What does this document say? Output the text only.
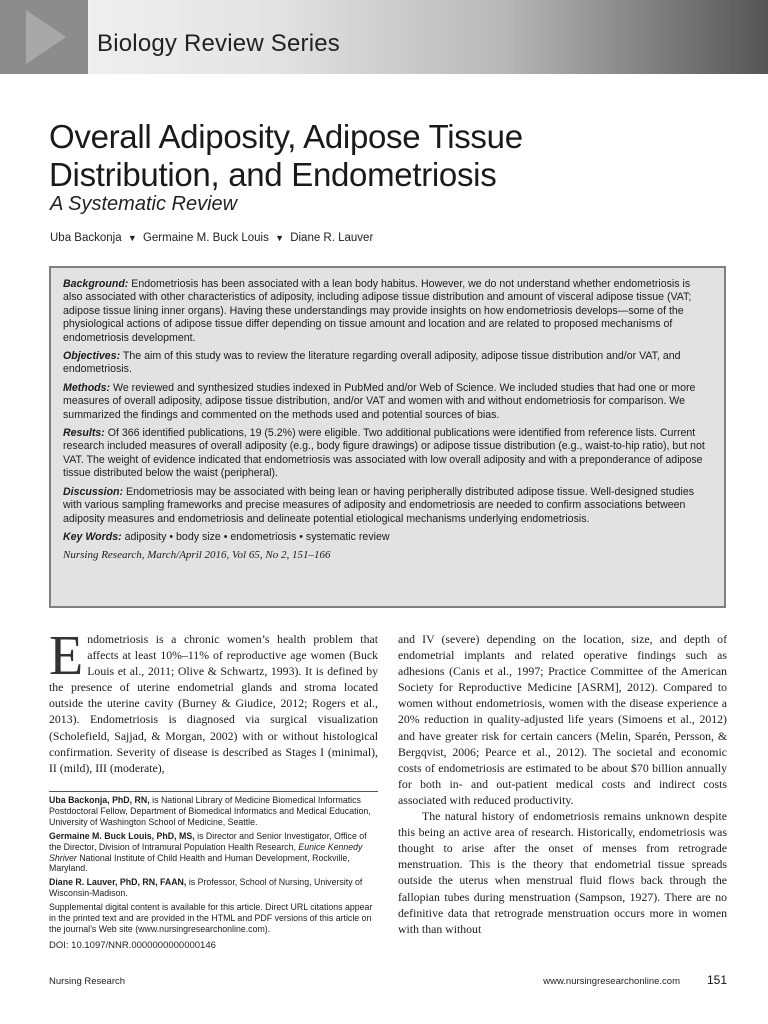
Biology Review Series
Overall Adiposity, Adipose Tissue
Distribution, and Endometriosis
A Systematic Review
Uba Backonja ▼ Germaine M. Buck Louis ▼ Diane R. Lauver

Background: Endometriosis has been associated with a lean body habitus. However, we do not understand whether endometriosis is also associated with other characteristics of adiposity, including adipose tissue distribution and amount of visceral adipose tissue (VAT; adipose tissue lining inner organs). Having these understandings may provide insights on how endometriosis develops—some of the physiological actions of adipose tissue differ depending on tissue amount and location and are related to proposed mechanisms of endometriosis development.

Objectives: The aim of this study was to review the literature regarding overall adiposity, adipose tissue distribution and/or VAT, and endometriosis.

Methods: We reviewed and synthesized studies indexed in PubMed and/or Web of Science. We included studies that had one or more measures of overall adiposity, adipose tissue distribution, and/or VAT and women with and without endometriosis for comparison. We summarized the findings and commented on the methods used and potential sources of bias.

Results: Of 366 identified publications, 19 (5.2%) were eligible. Two additional publications were identified from reference lists. Current research included measures of overall adiposity (e.g., body figure drawings) or adipose tissue distribution (e.g., waist-to-hip ratio), but not VAT. The weight of evidence indicated that endometriosis was associated with low overall adiposity and with a preponderance of adipose tissue distributed below the waist (peripheral).

Discussion: Endometriosis may be associated with being lean or having peripherally distributed adipose tissue. Well-designed studies with various sampling frameworks and precise measures of adiposity and endometriosis are needed to confirm associations between adiposity measures and endometriosis and delineate potential etiological mechanisms underlying endometriosis.

Key Words: adiposity • body size • endometriosis • systematic review

Nursing Research, March/April 2016, Vol 65, No 2, 151–166

Endometriosis is a chronic women’s health problem that affects at least 10%–11% of reproductive age women (Buck Louis et al., 2011; Olive & Schwartz, 1993). It is defined by the presence of uterine endometrial glands and stroma located outside the uterine cavity (Burney & Giudice, 2012; Rogers et al., 2013). Endometriosis is diagnosed via surgical visualization (Scholefield, Sajjad, & Morgan, 2002) with or without histological confirmation. Severity of disease is described as Stages I (minimal), II (mild), III (moderate),

Uba Backonja, PhD, RN, is National Library of Medicine Biomedical Informatics Postdoctoral Fellow, Department of Biomedical Informatics and Medical Education, University of Washington School of Medicine, Seattle.

Germaine M. Buck Louis, PhD, MS, is Director and Senior Investigator, Office of the Director, Division of Intramural Population Health Research, Eunice Kennedy Shriver National Institute of Child Health and Human Development, Rockville, Maryland.

Diane R. Lauver, PhD, RN, FAAN, is Professor, School of Nursing, University of Wisconsin-Madison.

Supplemental digital content is available for this article. Direct URL citations appear in the printed text and are provided in the HTML and PDF versions of this article on the journal’s Web site (www.nursingresearchonline.com).

DOI: 10.1097/NNR.0000000000000146

and IV (severe) depending on the location, size, and depth of endometrial implants and related operative findings such as adhesions (Canis et al., 1997; Practice Committee of the American Society for Reproductive Medicine [ASRM], 2012). Compared to women without endometriosis, women with the disease experience a 20% reduction in quality-adjusted life years (Simoens et al., 2012) and have greater risk for certain cancers (Melin, Sparén, Persson, & Bergqvist, 2006; Pearce et al., 2012). The societal and economic costs of endometriosis are estimated to be about $70 billion annually for both in- and out-patient medical costs and indirect costs associated with reduced productivity.

The natural history of endometriosis remains unknown despite this being an active area of research. Historically, endometriosis was thought to arise after the onset of menses from retrograde menstruation. This is the theory that endometrial tissue spreads outside the uterus when menstrual fluid flows back through the fallopian tubes during menstruation (Sampson, 1927). There are no definitive data that retrograde menstruation occurs more in women with than without

Nursing Research	www.nursingresearchonline.com 151
